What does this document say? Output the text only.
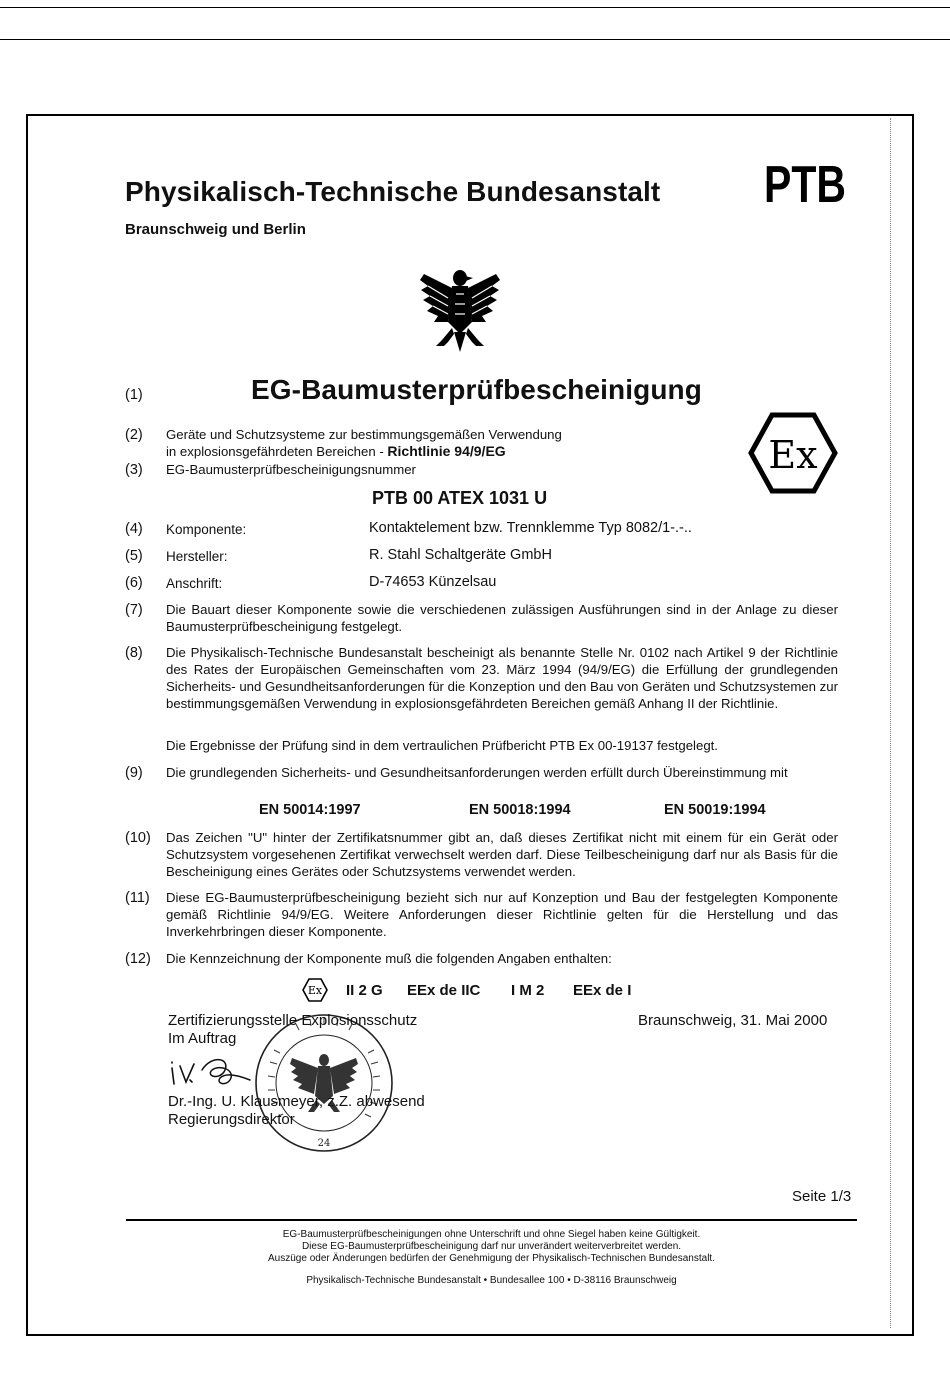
Physikalisch-Technische Bundesanstalt
Braunschweig und Berlin
PTB
(1)	EG-Baumusterprüfbescheinigung
(2) Geräte und Schutzsysteme zur bestimmungsgemäßen Verwendung
in explosionsgefährdeten Bereichen - Richtlinie 94/9/EG
(3) EG-Baumusterprüfbescheinigungsnummer	Ex
PTB 00 ATEX 1031 U
(4) Komponente:	Kontaktelement bzw. Trennklemme Typ 8082/1-.-..
(5) Hersteller:	R. Stahl Schaltgeräte GmbH
(6) Anschrift:	D-74653 Künzelsau
(7) Die Bauart dieser Komponente sowie die verschiedenen zulässigen Ausführungen sind in der Anlage zu dieser Baumusterprüfbescheinigung festgelegt.
(8) Die Physikalisch-Technische Bundesanstalt bescheinigt als benannte Stelle Nr. 0102 nach Artikel 9 der Richtlinie des Rates der Europäischen Gemeinschaften vom 23. März 1994 (94/9/EG) die Erfüllung der grundlegenden Sicherheits- und Gesundheitsanforderungen für die Konzeption und den Bau von Geräten und Schutzsystemen zur bestimmungsgemäßen Verwendung in explosionsgefährdeten Bereichen gemäß Anhang II der Richtlinie.
Die Ergebnisse der Prüfung sind in dem vertraulichen Prüfbericht PTB Ex 00-19137 festgelegt.
(9) Die grundlegenden Sicherheits- und Gesundheitsanforderungen werden erfüllt durch Übereinstimmung mit
EN 50014:1997	EN 50018:1994	EN 50019:1994
(10) Das Zeichen "U" hinter der Zertifikatsnummer gibt an, daß dieses Zertifikat nicht mit einem für ein Gerät oder Schutzsystem vorgesehenen Zertifikat verwechselt werden darf. Diese Teilbescheinigung darf nur als Basis für die Bescheinigung eines Gerätes oder Schutzsystems verwendet werden.
(11) Diese EG-Baumusterprüfbescheinigung bezieht sich nur auf Konzeption und Bau der festgelegten Komponente gemäß Richtlinie 94/9/EG. Weitere Anforderungen dieser Richtlinie gelten für die Herstellung und das Inverkehrbringen dieser Komponente.
(12) Die Kennzeichnung der Komponente muß die folgenden Angaben enthalten:
Ex II 2 G EEx de IIC I M 2 EEx de I
24
Zertifizierungsstelle Explosionsschutz
Im Auftrag
Dr.-Ing. U. Klausmeyer, z.Z. abwesend
Regierungsdirektor
Braunschweig, 31. Mai 2000
Seite 1/3
EG-Baumusterprüfbescheinigungen ohne Unterschrift und ohne Siegel haben keine Gültigkeit.
Diese EG-Baumusterprüfbescheinigung darf nur unverändert weiterverbreitet werden.
Auszüge oder Änderungen bedürfen der Genehmigung der Physikalisch-Technischen Bundesanstalt.
Physikalisch-Technische Bundesanstalt • Bundesallee 100 • D-38116 Braunschweig
